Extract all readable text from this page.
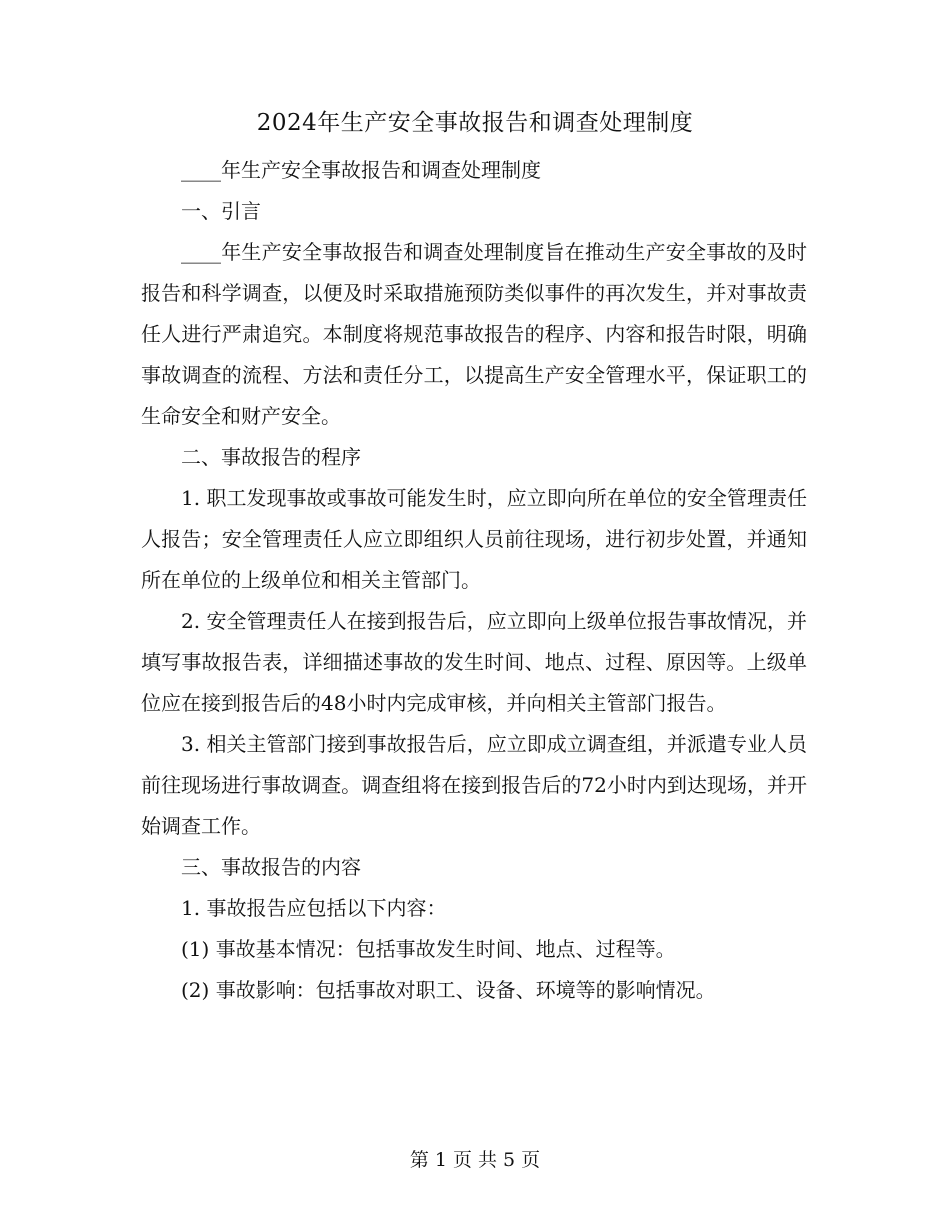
2024年生产安全事故报告和调查处理制度

____年生产安全事故报告和调查处理制度

一、引言

____年生产安全事故报告和调查处理制度旨在推动生产安全事故的及时报告和科学调查，以便及时采取措施预防类似事件的再次发生，并对事故责任人进行严肃追究。本制度将规范事故报告的程序、内容和报告时限，明确事故调查的流程、方法和责任分工，以提高生产安全管理水平，保证职工的生命安全和财产安全。

二、事故报告的程序

1. 职工发现事故或事故可能发生时，应立即向所在单位的安全管理责任人报告；安全管理责任人应立即组织人员前往现场，进行初步处置，并通知所在单位的上级单位和相关主管部门。

2. 安全管理责任人在接到报告后，应立即向上级单位报告事故情况，并填写事故报告表，详细描述事故的发生时间、地点、过程、原因等。上级单位应在接到报告后的48小时内完成审核，并向相关主管部门报告。

3. 相关主管部门接到事故报告后，应立即成立调查组，并派遣专业人员前往现场进行事故调查。调查组将在接到报告后的72小时内到达现场，并开始调查工作。

三、事故报告的内容

1. 事故报告应包括以下内容：

(1) 事故基本情况：包括事故发生时间、地点、过程等。

(2) 事故影响：包括事故对职工、设备、环境等的影响情况。

第 1 页 共 5 页
